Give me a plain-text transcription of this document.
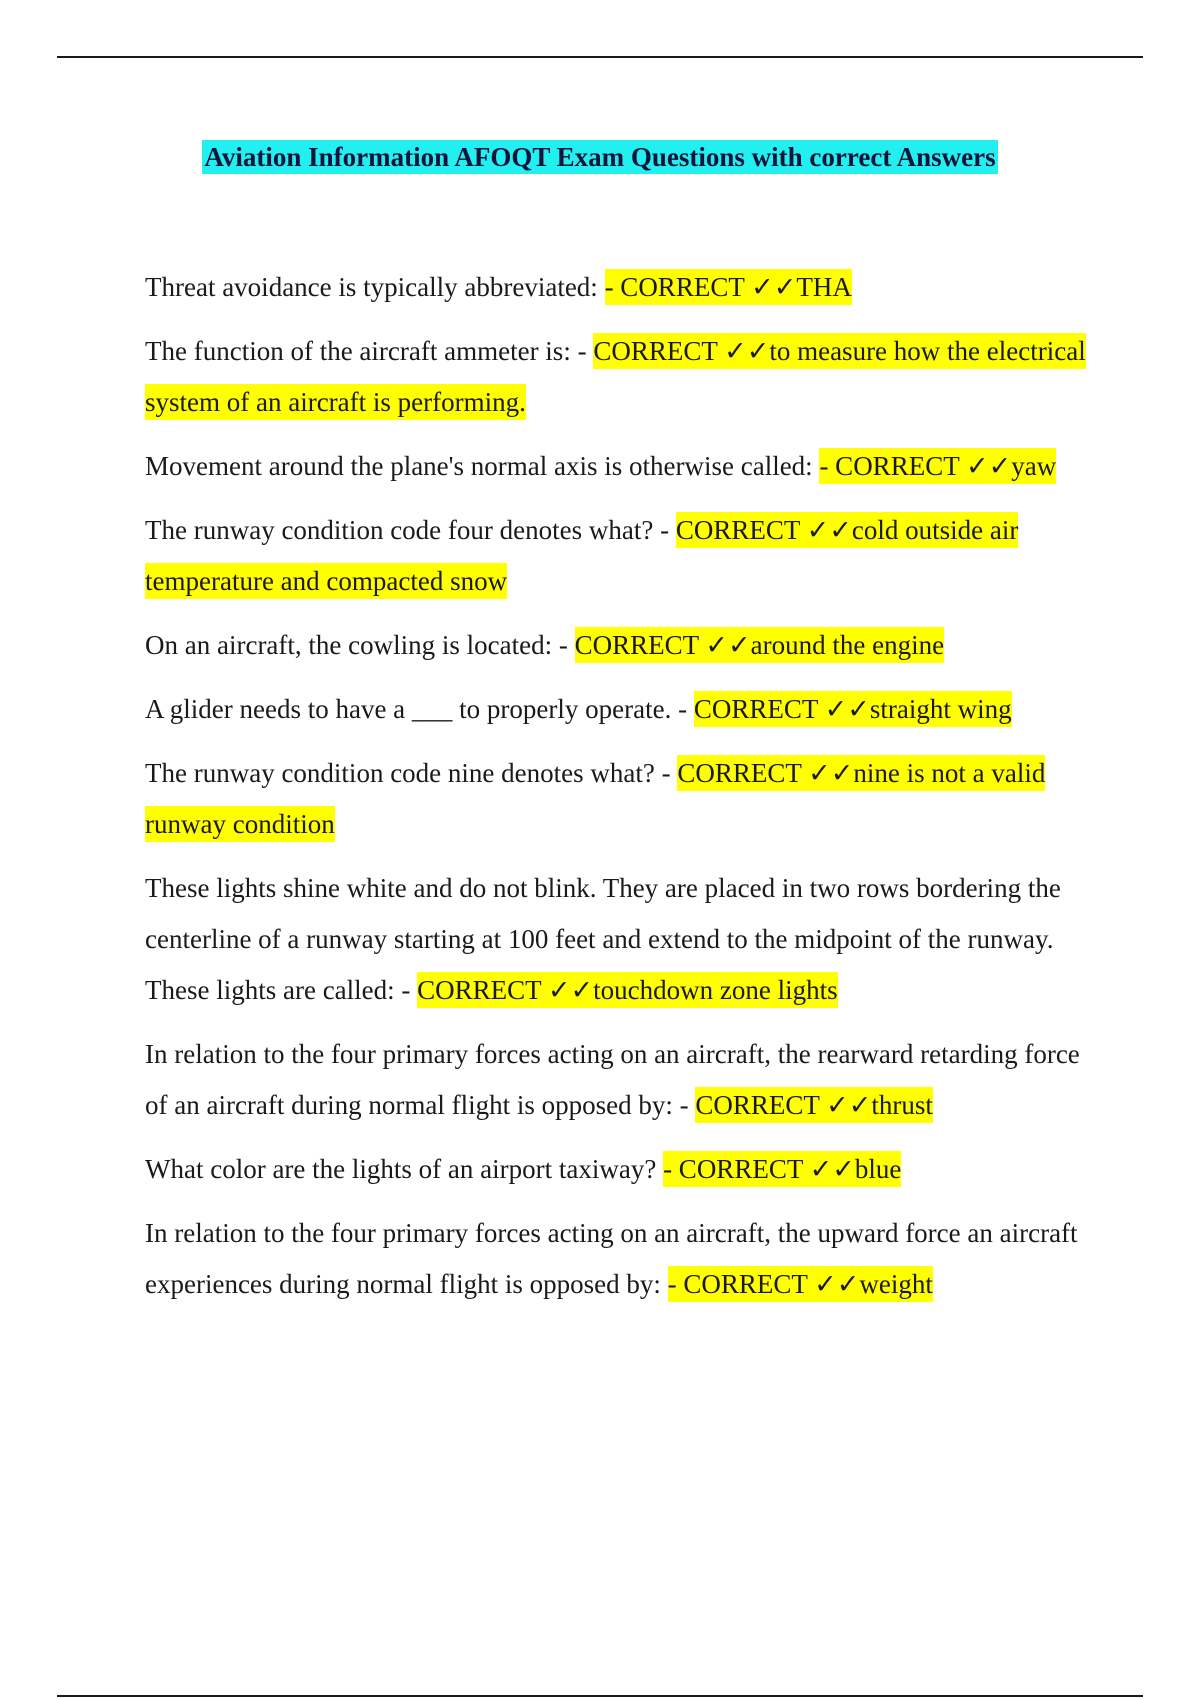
Aviation Information AFOQT Exam Questions with correct Answers

Threat avoidance is typically abbreviated: - CORRECT ✓✓THA

The function of the aircraft ammeter is: - CORRECT ✓✓to measure how the electrical system of an aircraft is performing.

Movement around the plane's normal axis is otherwise called: - CORRECT ✓✓yaw

The runway condition code four denotes what? - CORRECT ✓✓cold outside air temperature and compacted snow

On an aircraft, the cowling is located: - CORRECT ✓✓around the engine

A glider needs to have a ___ to properly operate. - CORRECT ✓✓straight wing

The runway condition code nine denotes what? - CORRECT ✓✓nine is not a valid runway condition

These lights shine white and do not blink. They are placed in two rows bordering the centerline of a runway starting at 100 feet and extend to the midpoint of the runway. These lights are called: - CORRECT ✓✓touchdown zone lights

In relation to the four primary forces acting on an aircraft, the rearward retarding force of an aircraft during normal flight is opposed by: - CORRECT ✓✓thrust

What color are the lights of an airport taxiway? - CORRECT ✓✓blue

In relation to the four primary forces acting on an aircraft, the upward force an aircraft experiences during normal flight is opposed by: - CORRECT ✓✓weight
